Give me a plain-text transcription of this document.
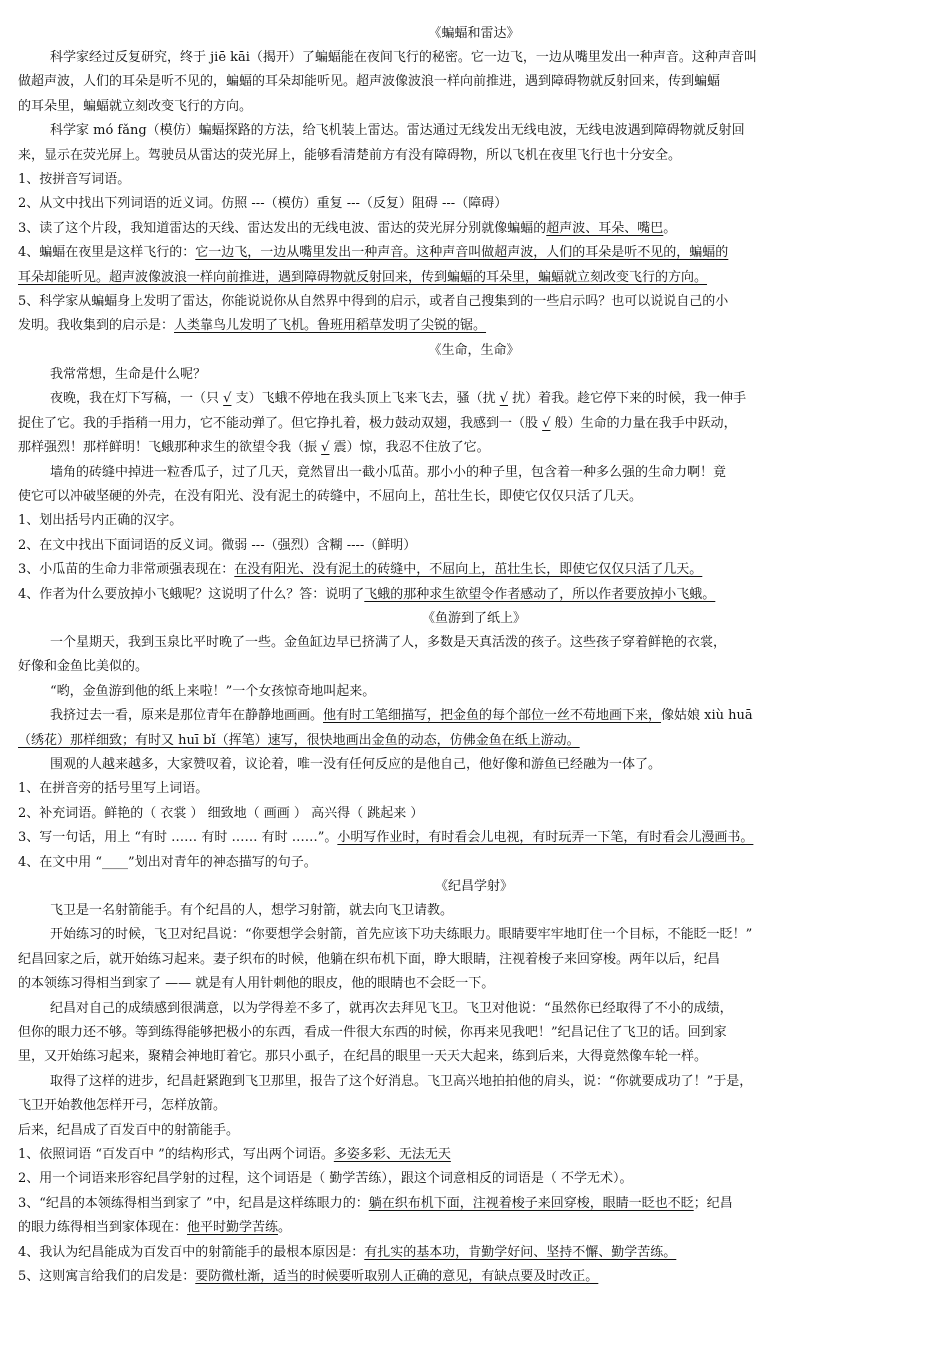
《蝙蝠和雷达》
科学家经过反复研究，终于 jiē kāi（揭开）了蝙蝠能在夜间飞行的秘密。它一边飞，一边从嘴里发出一种声音。这种声音叫
做超声波，人们的耳朵是听不见的，蝙蝠的耳朵却能听见。超声波像波浪一样向前推进，遇到障碍物就反射回来，传到蝙蝠
的耳朵里，蝙蝠就立刻改变飞行的方向。
科学家 mó fǎng（模仿）蝙蝠探路的方法，给飞机装上雷达。雷达通过无线发出无线电波，无线电波遇到障碍物就反射回
来，显示在荧光屏上。驾驶员从雷达的荧光屏上，能够看清楚前方有没有障碍物，所以飞机在夜里飞行也十分安全。
1、按拼音写词语。
2、从文中找出下列词语的近义词。仿照 ---（模仿）重复 ---（反复）阻碍 ---（障碍）
3、读了这个片段，我知道雷达的天线、雷达发出的无线电波、雷达的荧光屏分别就像蝙蝠的超声波、耳朵、嘴巴。
4、蝙蝠在夜里是这样飞行的：它一边飞，一边从嘴里发出一种声音。这种声音叫做超声波，人们的耳朵是听不见的，蝙蝠的
耳朵却能听见。超声波像波浪一样向前推进，遇到障碍物就反射回来，传到蝙蝠的耳朵里，蝙蝠就立刻改变飞行的方向。
5、科学家从蝙蝠身上发明了雷达，你能说说你从自然界中得到的启示，或者自己搜集到的一些启示吗？也可以说说自己的小
发明。我收集到的启示是：人类靠鸟儿发明了飞机。鲁班用稻草发明了尖锐的锯。
《生命，生命》
我常常想，生命是什么呢？
夜晚，我在灯下写稿，一（只 √ 支）飞蛾不停地在我头顶上飞来飞去，骚（扰 √ 扰）着我。趁它停下来的时候，我一伸手
捉住了它。我的手指稍一用力，它不能动弹了。但它挣扎着，极力鼓动双翅，我感到一（股 √ 般）生命的力量在我手中跃动，
那样强烈！那样鲜明！飞蛾那种求生的欲望令我（振 √ 震）惊，我忍不住放了它。
墙角的砖缝中掉进一粒香瓜子，过了几天，竟然冒出一截小瓜苗。那小小的种子里，包含着一种多么强的生命力啊！竟
使它可以冲破坚硬的外壳，在没有阳光、没有泥土的砖缝中，不屈向上，茁壮生长，即使它仅仅只活了几天。
1、划出括号内正确的汉字。
2、在文中找出下面词语的反义词。微弱 ---（强烈）含糊 ----（鲜明）
3、小瓜苗的生命力非常顽强表现在：在没有阳光、没有泥土的砖缝中，不屈向上，茁壮生长，即使它仅仅只活了几天。
4、作者为什么要放掉小飞蛾呢？这说明了什么？答：说明了飞蛾的那种求生欲望令作者感动了，所以作者要放掉小飞蛾。
《鱼游到了纸上》
一个星期天，我到玉泉比平时晚了一些。金鱼缸边早已挤满了人，多数是天真活泼的孩子。这些孩子穿着鲜艳的衣裳，
好像和金鱼比美似的。
“哟，金鱼游到他的纸上来啦！”一个女孩惊奇地叫起来。
我挤过去一看，原来是那位青年在静静地画画。他有时工笔细描写，把金鱼的每个部位一丝不苟地画下来，像姑娘 xiù huā
（绣花）那样细致；有时又 huī bǐ（挥笔）速写，很快地画出金鱼的动态，仿佛金鱼在纸上游动。
围观的人越来越多，大家赞叹着，议论着，唯一没有任何反应的是他自己，他好像和游鱼已经融为一体了。
1、在拼音旁的括号里写上词语。
2、补充词语。鲜艳的（ 衣裳 ） 细致地（ 画画 ） 高兴得（ 跳起来 ）
3、写一句话，用上 “有时 …… 有时 …… 有时 ……”。小明写作业时，有时看会儿电视，有时玩弄一下笔，有时看会儿漫画书。
4、在文中用 “____”划出对青年的神态描写的句子。
《纪昌学射》
飞卫是一名射箭能手。有个纪昌的人，想学习射箭，就去向飞卫请教。
开始练习的时候，飞卫对纪昌说：“你要想学会射箭，首先应该下功夫练眼力。眼睛要牢牢地盯住一个目标，不能眨一眨！”
纪昌回家之后，就开始练习起来。妻子织布的时候，他躺在织布机下面，睁大眼睛，注视着梭子来回穿梭。两年以后，纪昌
的本领练习得相当到家了 —— 就是有人用针刺他的眼皮，他的眼睛也不会眨一下。
纪昌对自己的成绩感到很满意，以为学得差不多了，就再次去拜见飞卫。飞卫对他说：“虽然你已经取得了不小的成绩，
但你的眼力还不够。等到练得能够把极小的东西，看成一件很大东西的时候，你再来见我吧！”纪昌记住了飞卫的话。回到家
里，又开始练习起来，聚精会神地盯着它。那只小虱子，在纪昌的眼里一天天大起来，练到后来，大得竟然像车轮一样。
取得了这样的进步，纪昌赶紧跑到飞卫那里，报告了这个好消息。飞卫高兴地拍拍他的肩头，说：“你就要成功了！”于是，
飞卫开始教他怎样开弓，怎样放箭。
后来，纪昌成了百发百中的射箭能手。
1、依照词语 “百发百中 ”的结构形式，写出两个词语。多姿多彩、无法无天
2、用一个词语来形容纪昌学射的过程，这个词语是（ 勤学苦练），跟这个词意相反的词语是（ 不学无术）。
3、“纪昌的本领练得相当到家了 ”中，纪昌是这样练眼力的：躺在织布机下面，注视着梭子来回穿梭，眼睛一眨也不眨；纪昌
的眼力练得相当到家体现在：他平时勤学苦练。
4、我认为纪昌能成为百发百中的射箭能手的最根本原因是：有扎实的基本功，肯勤学好问、坚持不懈、勤学苦练。
5、这则寓言给我们的启发是：要防微杜渐，适当的时候要听取别人正确的意见，有缺点要及时改正。
